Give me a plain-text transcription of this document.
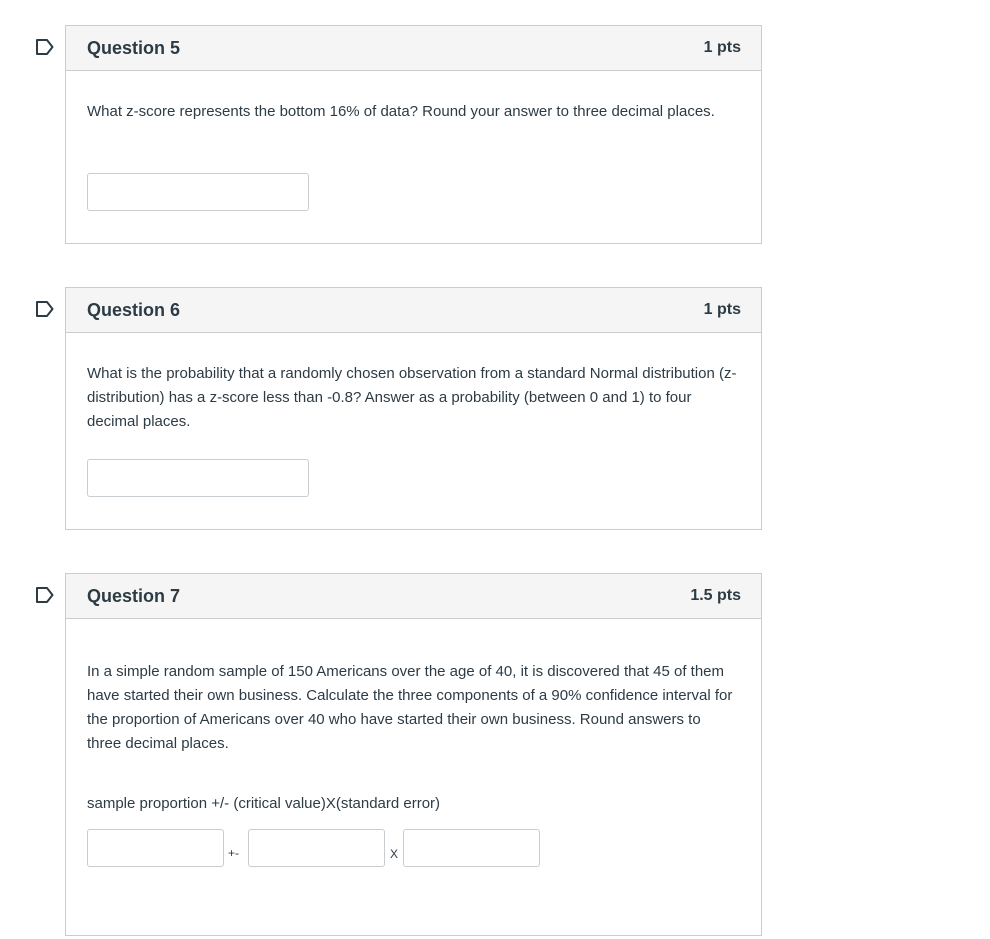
Question 5	1 pts
What z-score represents the bottom 16% of data? Round your answer to three decimal places.
Question 6	1 pts
What is the probability that a randomly chosen observation from a standard Normal distribution (z-distribution) has a z-score less than -0.8? Answer as a probability (between 0 and 1) to four decimal places.
Question 7	1.5 pts
In a simple random sample of 150 Americans over the age of 40, it is discovered that 45 of them have started their own business. Calculate the three components of a 90% confidence interval for the proportion of Americans over 40 who have started their own business. Round answers to three decimal places.
sample proportion +/- (critical value)X(standard error)
+-	X
